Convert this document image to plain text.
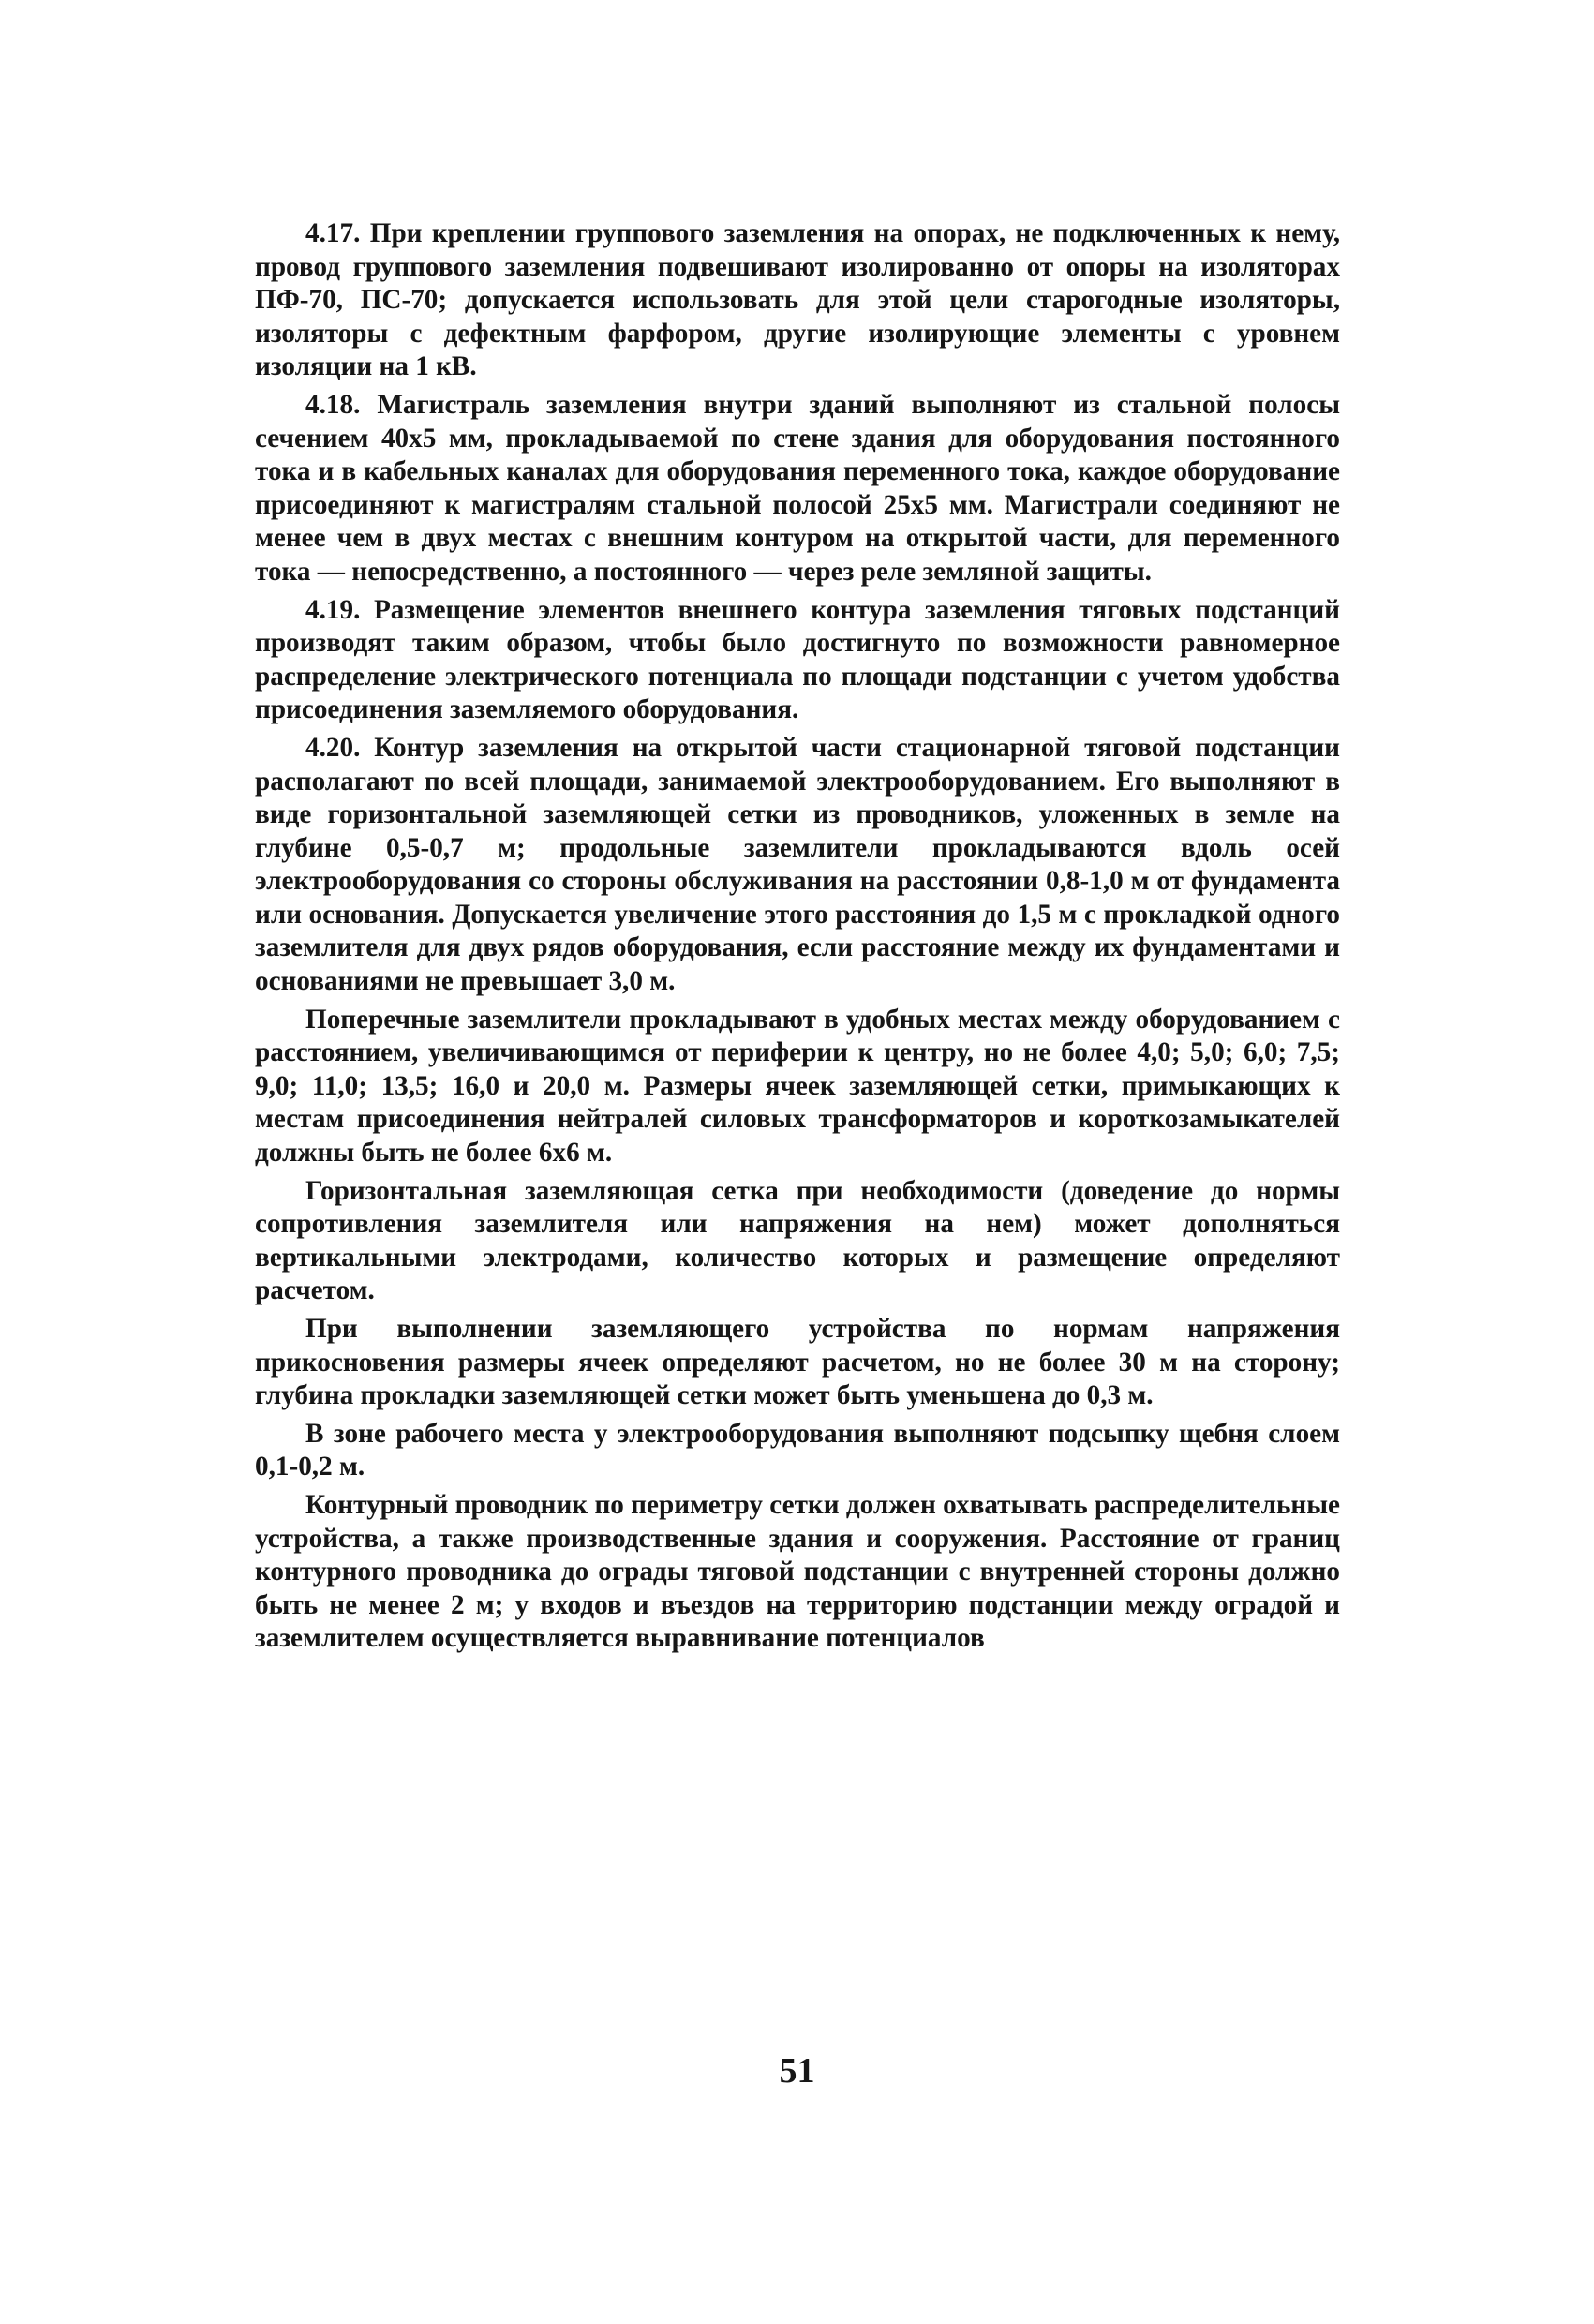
4.17. При креплении группового заземления на опорах, не подключенных к нему, провод группового заземления подвешивают изолированно от опоры на изоляторах ПФ-70, ПС-70; допускается использовать для этой цели старогодные изоляторы, изоляторы с дефектным фарфором, другие изолирующие элементы с уровнем изоляции на 1 кВ.

4.18. Магистраль заземления внутри зданий выполняют из стальной полосы сечением 40х5 мм, прокладываемой по стене здания для оборудования постоянного тока и в кабельных каналах для оборудования переменного тока, каждое оборудование присоединяют к магистралям стальной полосой 25х5 мм. Магистрали соединяют не менее чем в двух местах с внешним контуром на открытой части, для переменного тока — непосредственно, а постоянного — через реле земляной защиты.

4.19. Размещение элементов внешнего контура заземления тяговых подстанций производят таким образом, чтобы было достигнуто по возможности равномерное распределение электрического потенциала по площади подстанции с учетом удобства присоединения заземляемого оборудования.

4.20. Контур заземления на открытой части стационарной тяговой подстанции располагают по всей площади, занимаемой электрооборудованием. Его выполняют в виде горизонтальной заземляющей сетки из проводников, уложенных в земле на глубине 0,5-0,7 м; продольные заземлители прокладываются вдоль осей электрооборудования со стороны обслуживания на расстоянии 0,8-1,0 м от фундамента или основания. Допускается увеличение этого расстояния до 1,5 м с прокладкой одного заземлителя для двух рядов оборудования, если расстояние между их фундаментами и основаниями не превышает 3,0 м.

Поперечные заземлители прокладывают в удобных местах между оборудованием с расстоянием, увеличивающимся от периферии к центру, но не более 4,0; 5,0; 6,0; 7,5; 9,0; 11,0; 13,5; 16,0 и 20,0 м. Размеры ячеек заземляющей сетки, примыкающих к местам присоединения нейтралей силовых трансформаторов и короткозамыкателей должны быть не более 6х6 м.

Горизонтальная заземляющая сетка при необходимости (доведение до нормы сопротивления заземлителя или напряжения на нем) может дополняться вертикальными электродами, количество которых и размещение определяют расчетом.

При выполнении заземляющего устройства по нормам напряжения прикосновения размеры ячеек определяют расчетом, но не более 30 м на сторону; глубина прокладки заземляющей сетки может быть уменьшена до 0,3 м.

В зоне рабочего места у электрооборудования выполняют подсыпку щебня слоем 0,1-0,2 м.

Контурный проводник по периметру сетки должен охватывать распределительные устройства, а также производственные здания и сооружения. Расстояние от границ контурного проводника до ограды тяговой подстанции с внутренней стороны должно быть не менее 2 м; у входов и въездов на территорию подстанции между оградой и заземлителем осуществляется выравнивание потенциалов

51
